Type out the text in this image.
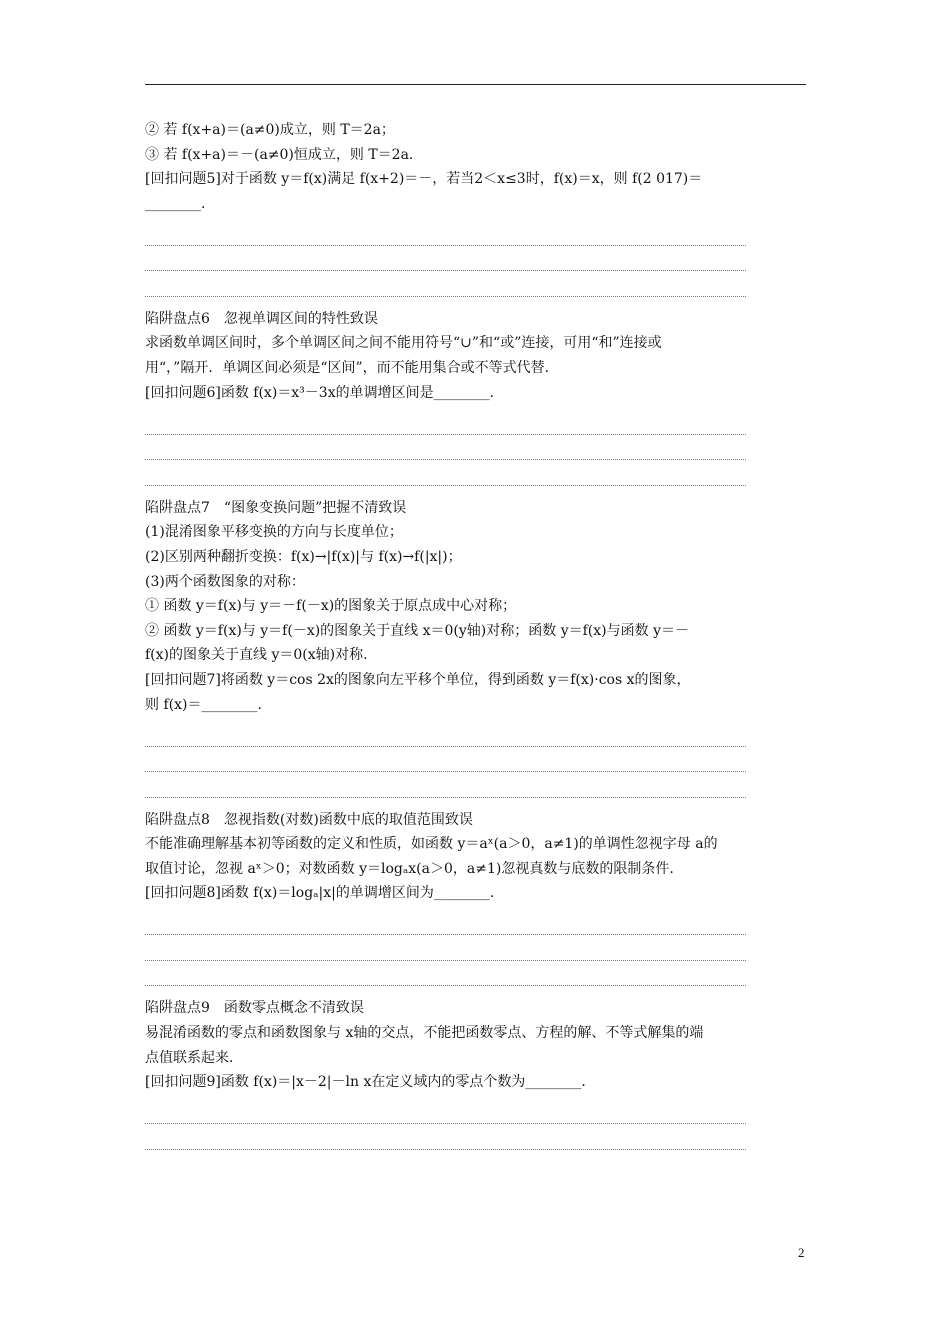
② 若 f(x+a)＝(a≠0)成立，则 T＝2a；
③ 若 f(x+a)＝－(a≠0)恒成立，则 T＝2a.
[回扣问题5]对于函数 y＝f(x)满足 f(x+2)＝－，若当2＜x≤3时，f(x)＝x，则 f(2 017)＝
________.
陷阱盘点6　忽视单调区间的特性致误
求函数单调区间时，多个单调区间之间不能用符号“∪”和“或”连接，可用“和”连接或
用“，”隔开．单调区间必须是“区间”，而不能用集合或不等式代替．
[回扣问题6]函数 f(x)＝x³－3x的单调增区间是________.
陷阱盘点7　“图象变换问题”把握不清致误
(1)混淆图象平移变换的方向与长度单位；
(2)区别两种翻折变换：f(x)→|f(x)|与 f(x)→f(|x|)；
(3)两个函数图象的对称：
① 函数 y＝f(x)与 y＝－f(－x)的图象关于原点成中心对称；
② 函数 y＝f(x)与 y＝f(－x)的图象关于直线 x＝0(y轴)对称；函数 y＝f(x)与函数 y＝－
f(x)的图象关于直线 y＝0(x轴)对称.
[回扣问题7]将函数 y＝cos 2x的图象向左平移个单位，得到函数 y＝f(x)·cos x的图象，
则 f(x)＝________.
陷阱盘点8　忽视指数(对数)函数中底的取值范围致误
不能准确理解基本初等函数的定义和性质，如函数 y＝aˣ(a＞0，a≠1)的单调性忽视字母 a的
取值讨论，忽视 aˣ＞0；对数函数 y＝logₐx(a＞0，a≠1)忽视真数与底数的限制条件.
[回扣问题8]函数 f(x)＝logₐ|x|的单调增区间为________.
陷阱盘点9　函数零点概念不清致误
易混淆函数的零点和函数图象与 x轴的交点，不能把函数零点、方程的解、不等式解集的端
点值联系起来.
[回扣问题9]函数 f(x)＝|x－2|－ln x在定义域内的零点个数为________.
2
